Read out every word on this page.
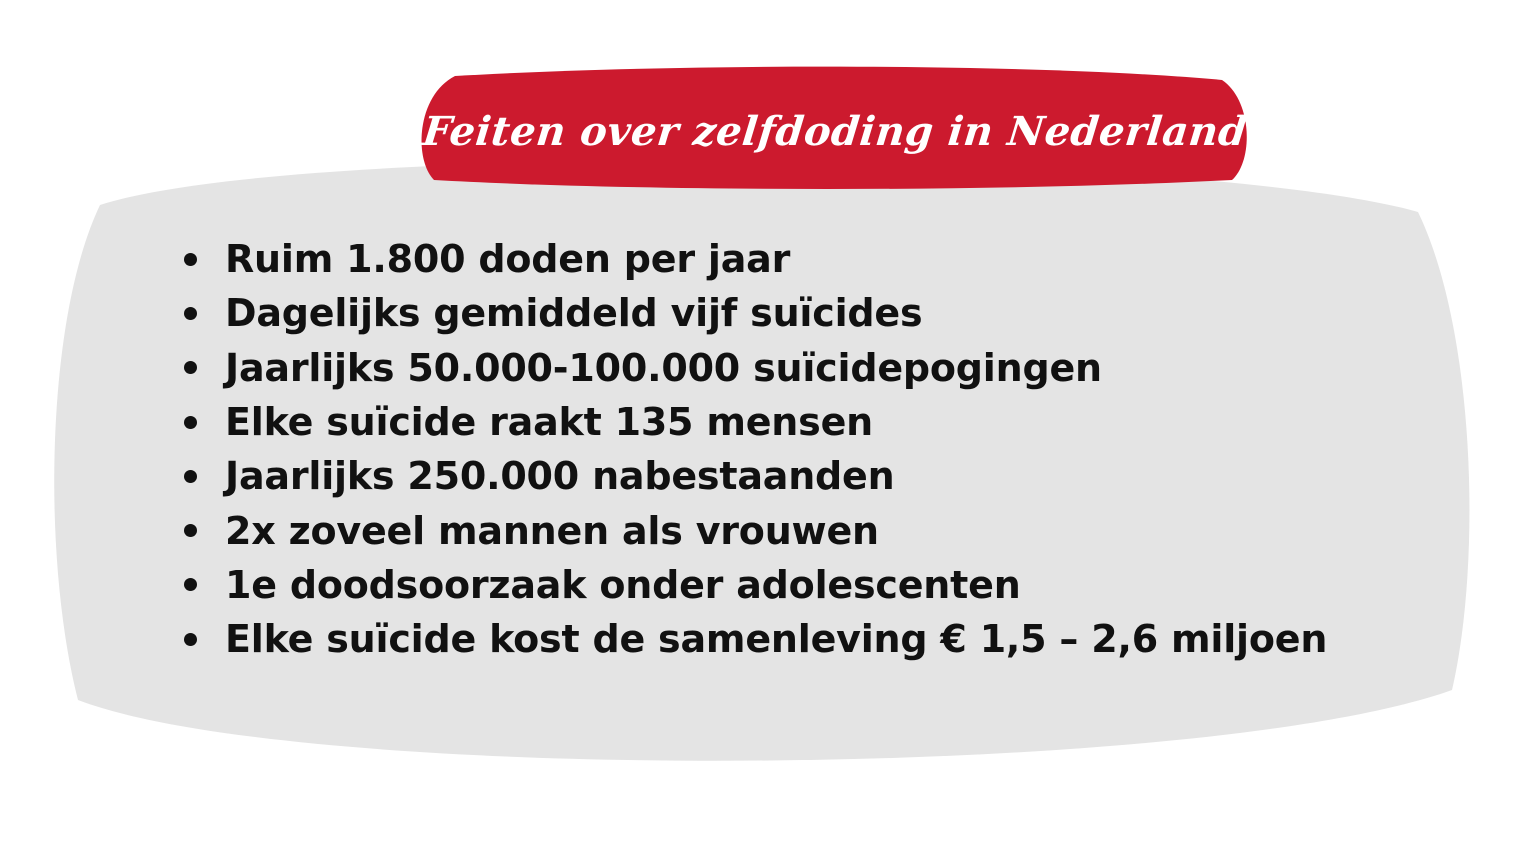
Feiten over zelfdoding in Nederland
Ruim 1.800 doden per jaar
Dagelijks gemiddeld vijf suïcides
Jaarlijks 50.000-100.000 suïcidepogingen
Elke suïcide raakt 135 mensen
Jaarlijks 250.000 nabestaanden
2x zoveel mannen als vrouwen
1e doodsoorzaak onder adolescenten
Elke suïcide kost de samenleving € 1,5 – 2,6 miljoen
